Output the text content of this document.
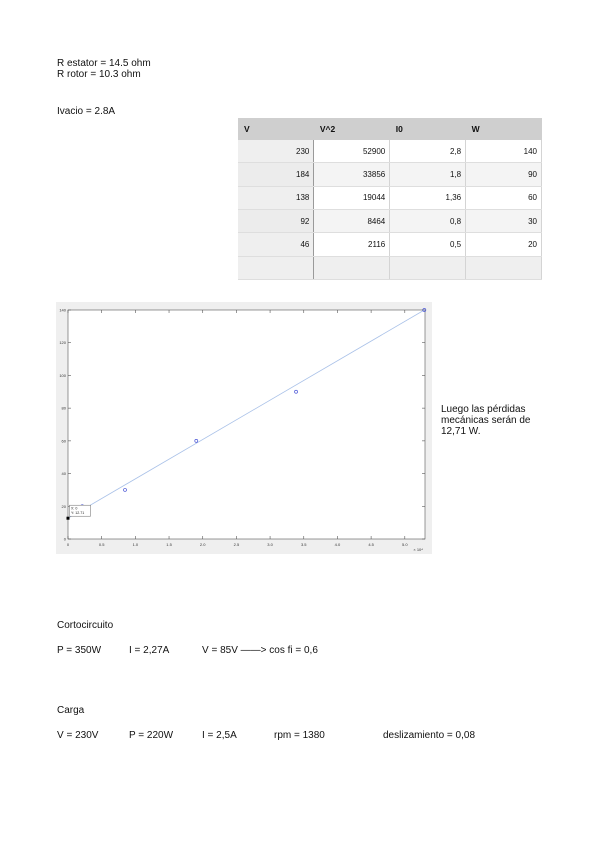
R estator = 14.5 ohm
R rotor = 10.3 ohm
Ivacio = 2.8A
V	V^2	I0	W
230	52900	2,8	140
184	33856	1,8	90
138	19044	1,36	60
92	8464	0,8	30
46	2116	0,5	20

0
20
40
60
80
100
120
140
0	0.5	1.0	1.5	2.0	2.5	3.0	3.5	4.0	4.5	5.0
× 10⁴
X: 0
Y: 12.71
Luego las pérdidas
mecánicas serán de
12,71 W.
Cortocircuito
P = 350W	I = 2,27A	V = 85V ——> cos fi = 0,6
Carga
V = 230V	P = 220W	I = 2,5A	rpm = 1380	deslizamiento = 0,08
